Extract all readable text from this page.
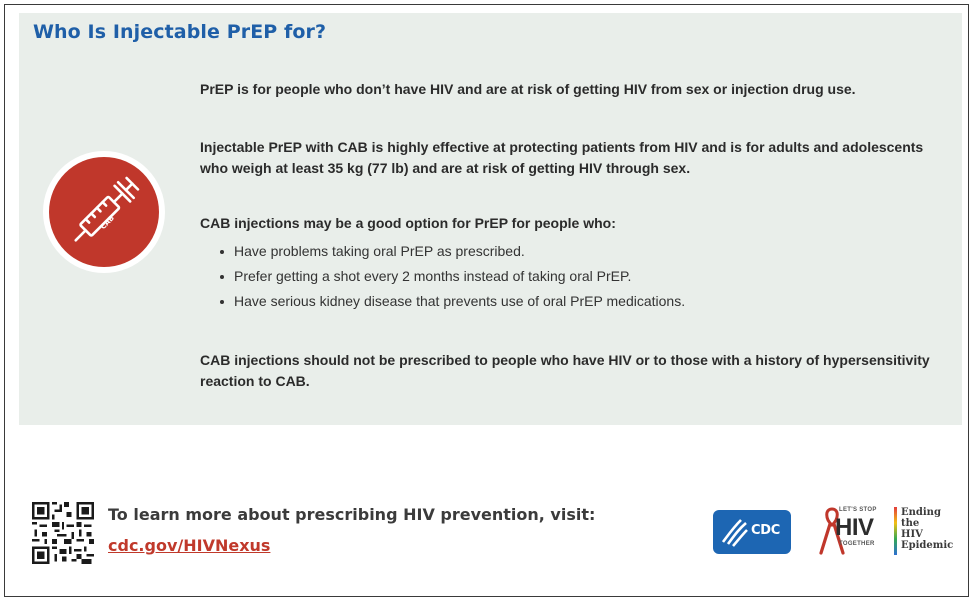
Who Is Injectable PrEP for?
CAB

PrEP is for people who don’t have HIV and are at risk of getting HIV from sex or injection drug use.

Injectable PrEP with CAB is highly effective at protecting patients from HIV and is for adults and adolescents who weigh at least 35 kg (77 lb) and are at risk of getting HIV through sex.

CAB injections may be a good option for PrEP for people who:

Have problems taking oral PrEP as prescribed.
Prefer getting a shot every 2 months instead of taking oral PrEP.
Have serious kidney disease that prevents use of oral PrEP medications.

CAB injections should not be prescribed to people who have HIV or to those with a history of hypersensitivity reaction to CAB.

To learn more about prescribing HIV prevention, visit:
cdc.gov/HIVNexus
CDC
LET'S STOP
HIV
TOGETHER
Ending
the
HIV
Epidemic
